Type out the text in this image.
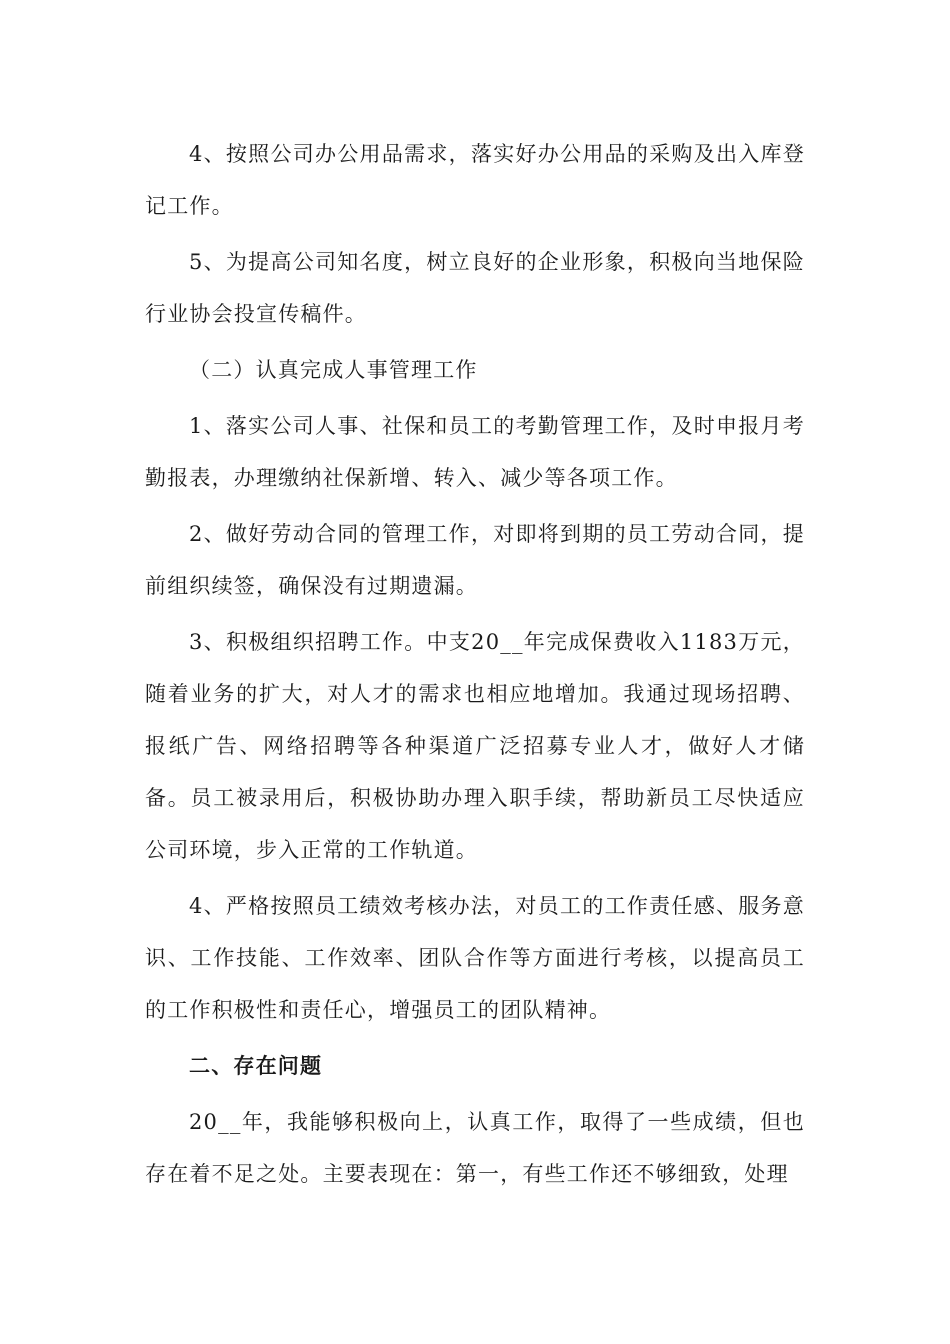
4、按照公司办公用品需求，落实好办公用品的采购及出入库登记工作。

5、为提高公司知名度，树立良好的企业形象，积极向当地保险行业协会投宣传稿件。

（二）认真完成人事管理工作

1、落实公司人事、社保和员工的考勤管理工作，及时申报月考勤报表，办理缴纳社保新增、转入、减少等各项工作。

2、做好劳动合同的管理工作，对即将到期的员工劳动合同，提前组织续签，确保没有过期遗漏。

3、积极组织招聘工作。中支20__年完成保费收入1183万元，随着业务的扩大，对人才的需求也相应地增加。我通过现场招聘、报纸广告、网络招聘等各种渠道广泛招募专业人才，做好人才储备。员工被录用后，积极协助办理入职手续，帮助新员工尽快适应公司环境，步入正常的工作轨道。

4、严格按照员工绩效考核办法，对员工的工作责任感、服务意识、工作技能、工作效率、团队合作等方面进行考核，以提高员工的工作积极性和责任心，增强员工的团队精神。

二、存在问题

20__年，我能够积极向上，认真工作，取得了一些成绩，但也存在着不足之处。主要表现在：第一，有些工作还不够细致，处理
